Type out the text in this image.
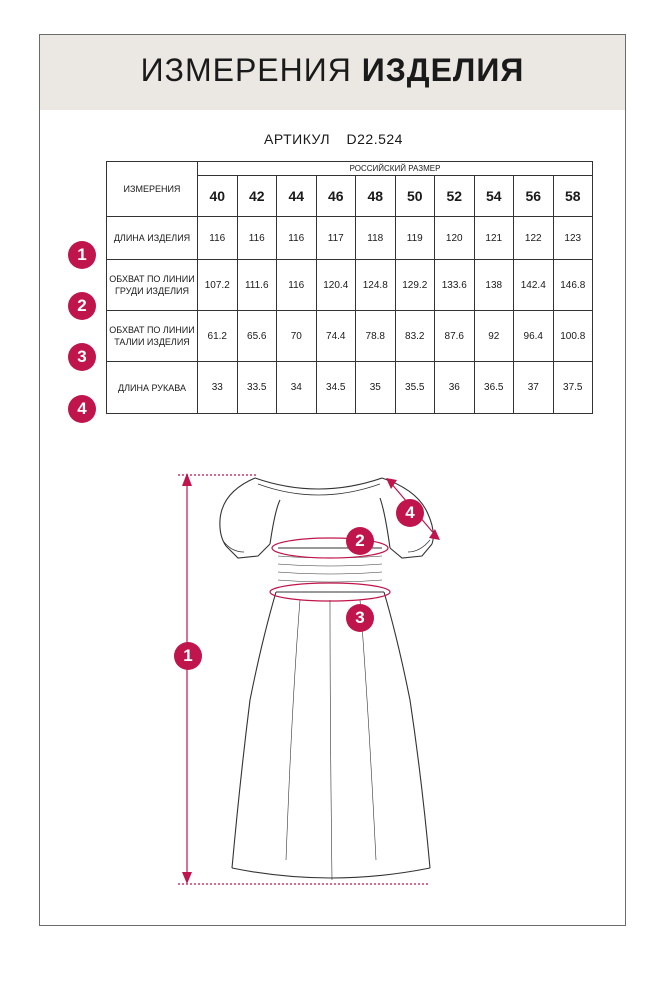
ИЗМЕРЕНИЯ ИЗДЕЛИЯ
АРТИКУЛ D22.524
ИЗМЕРЕНИЯ	РОССИЙСКИЙ РАЗМЕР									
	40	42	44	46	48	50	52	54	56	58
ДЛИНА ИЗДЕЛИЯ	116	116	116	117	118	119	120	121	122	123
ОБХВАТ ПО ЛИНИИ ГРУДИ ИЗДЕЛИЯ	107.2	111.6	116	120.4	124.8	129.2	133.6	138	142.4	146.8
ОБХВАТ ПО ЛИНИИ ТАЛИИ ИЗДЕЛИЯ	61.2	65.6	70	74.4	78.8	83.2	87.6	92	96.4	100.8
ДЛИНА РУКАВА	33	33.5	34	34.5	35	35.5	36	36.5	37	37.5
1
2
3
4
1
2
3
4
